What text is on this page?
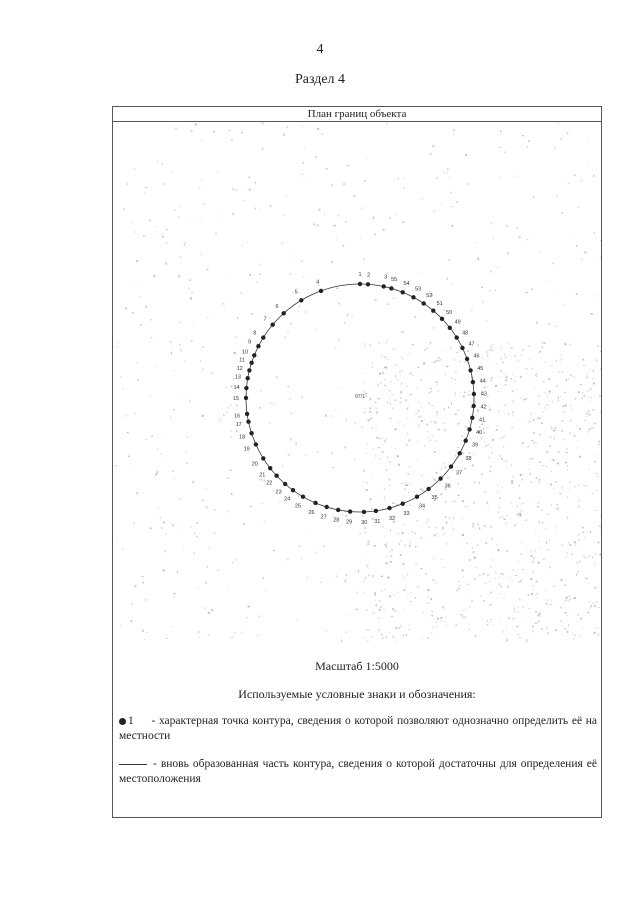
4
Раздел 4
План границ объекта
97/1
1 2	3
4
5
6
7
8
9
10
11
12
13
14
15
16
17
18
19
20
21
22
23
24
25
26
27
28 29 30 31 32
33
34
35
36
37
38
39
40
41
42
43
44
45
46
47
48
49
50
51
52
53
54
55
Масштаб 1:5000
Используемые условные знаки и обозначения:
1 - характерная точка контура, сведения о которой позволяют однозначно определить её на местности
- вновь образованная часть контура, сведения о которой достаточны для определения её местоположения
